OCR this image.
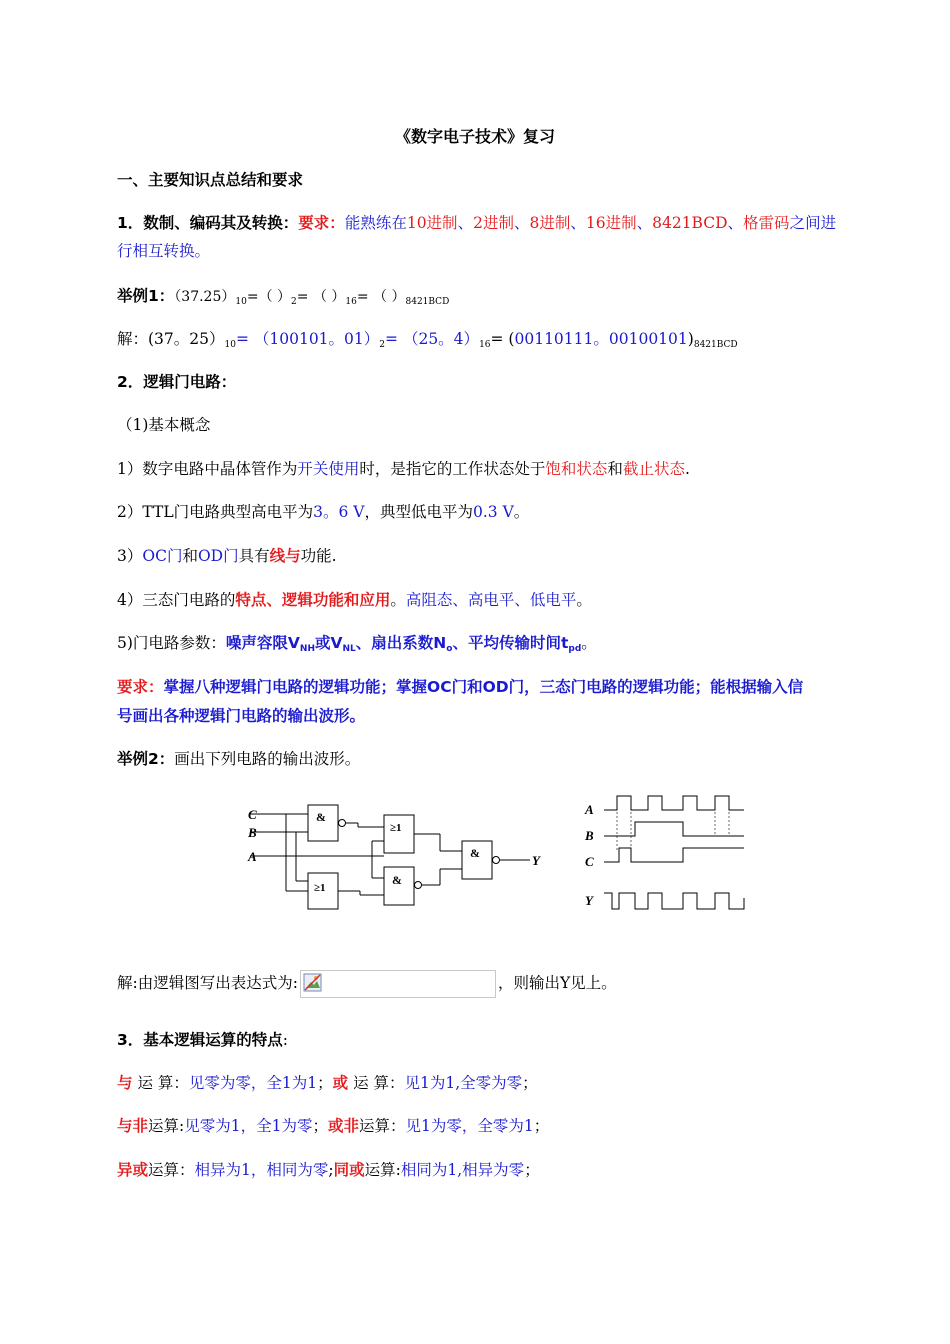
《数字电子技术》复习
一、主要知识点总结和要求
1．数制、编码其及转换：要求：能熟练在10进制、2进制、8进制、16进制、8421BCD、格雷码之间进
行相互转换。
举例1：$(37.25)_{10}=$（ ）$_2=$ （ ）$_{16}=$ （ ）$_{8421BCD}$
解：(37。$25)_{10}= (100101$。$01)_2= (25$。$4)_{16}= (00110111$。$00100101)_{8421BCD}$
2．逻辑门电路：
（1)基本概念
1）数字电路中晶体管作为开关使用时，是指它的工作状态处于饱和状态和截止状态.
2）TTL门电路典型高电平为3。6 V，典型低电平为0.3 V。
3）OC门和OD门具有线与功能.
4）三态门电路的特点、逻辑功能和应用。高阻态、高电平、低电平。
5)门电路参数：噪声容限$V_{NH}$或$V_{NL}$、扇出系数$N_o$、平均传输时间$t_{pd}$。
要求：掌握八种逻辑门电路的逻辑功能；掌握OC门和OD门，三态门电路的逻辑功能；能根据输入信
号画出各种逻辑门电路的输出波形。
举例2：画出下列电路的输出波形。
C
B
A	Y
&
≥1
&
&
≥1
A
B
C
Y
解:由逻辑图写出表达式为:	，则输出Y见上。
3．基本逻辑运算的特点:
与 运 算：见零为零，全1为1；或 运 算：见1为1,全零为零；
与非运算:见零为1，全1为零；或非运算：见1为零，全零为1；
异或运算：相异为1，相同为零;同或运算:相同为1,相异为零；
